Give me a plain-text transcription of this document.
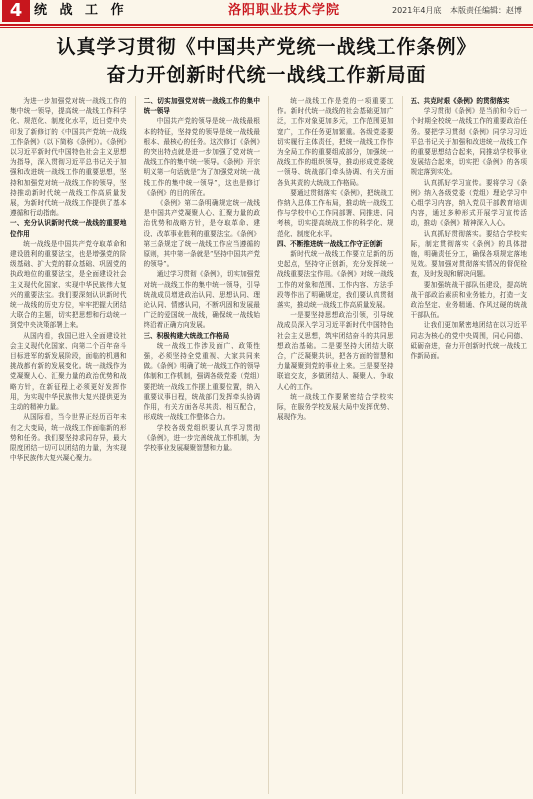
4 统 战 工 作	洛阳职业技术学院	2021年4月底 本版责任编辑：赵博
认真学习贯彻《中国共产党统一战线工作条例》
奋力开创新时代统一战线工作新局面

为进一步加强党对统一战线工作的集中统一领导，提高统一战线工作科学化、规范化、制度化水平，近日党中央印发了新修订的《中国共产党统一战线工作条例》（以下简称《条例》）。《条例》以习近平新时代中国特色社会主义思想为指导，深入贯彻习近平总书记关于加强和改进统一战线工作的重要思想，坚持和加强党对统一战线工作的领导，坚持推动新时代统一战线工作高质量发展，为新时代统一战线工作提供了基本遵循和行动指南。

一、充分认识新时代统一战线的重要地位作用

统一战线是中国共产党夺取革命和建设胜利的重要法宝，也是增强党的阶级基础、扩大党的群众基础、巩固党的执政地位的重要法宝，是全面建设社会主义现代化国家、实现中华民族伟大复兴的重要法宝。我们要深刻认识新时代统一战线的历史方位，牢牢把握大团结大联合的主题，切实把思想和行动统一到党中央决策部署上来。

从国内看，我国已进入全面建设社会主义现代化国家、向第二个百年奋斗目标进军的新发展阶段，面临的机遇和挑战都有新的发展变化。统一战线作为党凝聚人心、汇聚力量的政治优势和战略方针，在新征程上必须更好发挥作用，为实现中华民族伟大复兴提供更为主动的精神力量。

从国际看，当今世界正经历百年未有之大变局，统一战线工作面临新的形势和任务。我们要坚持求同存异，最大限度团结一切可以团结的力量，为实现中华民族伟大复兴凝心聚力。

二、切实加强党对统一战线工作的集中统一领导

中国共产党的领导是统一战线最根本的特征，坚持党的领导是统一战线最根本、最核心的任务。这次修订《条例》的突出特点就是进一步加强了党对统一战线工作的集中统一领导。《条例》开宗明义第一句话就是“为了加强党对统一战线工作的集中统一领导”，这也是修订《条例》的目的所在。

《条例》第二条明确规定统一战线是中国共产党凝聚人心、汇聚力量的政治优势和战略方针，是夺取革命、建设、改革事业胜利的重要法宝。《条例》第三条规定了统一战线工作应当遵循的原则，其中第一条就是“坚持中国共产党的领导”。

通过学习贯彻《条例》，切实加强党对统一战线工作的集中统一领导，引导统战成员增进政治认同、思想认同、理论认同、情感认同，不断巩固和发展最广泛的爱国统一战线，确保统一战线始终沿着正确方向发展。

三、积极构建大统战工作格局

统一战线工作涉及面广、政策性强，必须坚持全党重视、大家共同来做。《条例》明确了统一战线工作的领导体制和工作机制，强调各级党委（党组）要把统一战线工作摆上重要位置，纳入重要议事日程，统战部门发挥牵头协调作用，有关方面各尽其责、相互配合，形成统一战线工作整体合力。

学校各级党组织要认真学习贯彻《条例》，进一步完善统战工作机制，为学校事业发展凝聚智慧和力量。

统一战线工作是党的一项重要工作。新时代统一战线的社会基础更加广泛，工作对象更加多元，工作范围更加宽广，工作任务更加繁重。各级党委要切实履行主体责任，把统一战线工作作为全局工作的重要组成部分，加强统一战线工作的组织领导，推动形成党委统一领导、统战部门牵头协调、有关方面各负其责的大统战工作格局。

要通过贯彻落实《条例》，把统战工作纳入总体工作布局，推动统一战线工作与学校中心工作同部署、同推进、同考核，切实提高统战工作的科学化、规范化、制度化水平。

四、不断推进统一战线工作守正创新

新时代统一战线工作要立足新的历史起点，坚持守正创新，充分发挥统一战线重要法宝作用。《条例》对统一战线工作的对象和范围、工作内容、方法手段等作出了明确规定，我们要认真贯彻落实，推动统一战线工作高质量发展。

一是要坚持思想政治引领，引导统战成员深入学习习近平新时代中国特色社会主义思想，筑牢团结奋斗的共同思想政治基础。二是要坚持大团结大联合，广泛凝聚共识，把各方面的智慧和力量凝聚到党的事业上来。三是要坚持联谊交友，多做团结人、凝聚人、争取人心的工作。

统一战线工作要紧密结合学校实际，在服务学校发展大局中发挥优势、展现作为。

五、共克时艰《条例》的贯彻落实

学习贯彻《条例》是当前和今后一个时期全校统一战线工作的重要政治任务。要把学习贯彻《条例》同学习习近平总书记关于加强和改进统一战线工作的重要思想结合起来，同推动学校事业发展结合起来，切实把《条例》的各项规定落到实处。

认真抓好学习宣传。要将学习《条例》纳入各级党委（党组）理论学习中心组学习内容，纳入党员干部教育培训内容，通过多种形式开展学习宣传活动，推动《条例》精神深入人心。

认真抓好贯彻落实。要结合学校实际，制定贯彻落实《条例》的具体措施，明确责任分工，确保各项规定落地见效。要加强对贯彻落实情况的督促检查，及时发现和解决问题。

要加强统战干部队伍建设，提高统战干部政治素质和业务能力，打造一支政治坚定、业务精通、作风过硬的统战干部队伍。

让我们更加紧密地团结在以习近平同志为核心的党中央周围，同心同德、砥砺奋进，奋力开创新时代统一战线工作新局面。
